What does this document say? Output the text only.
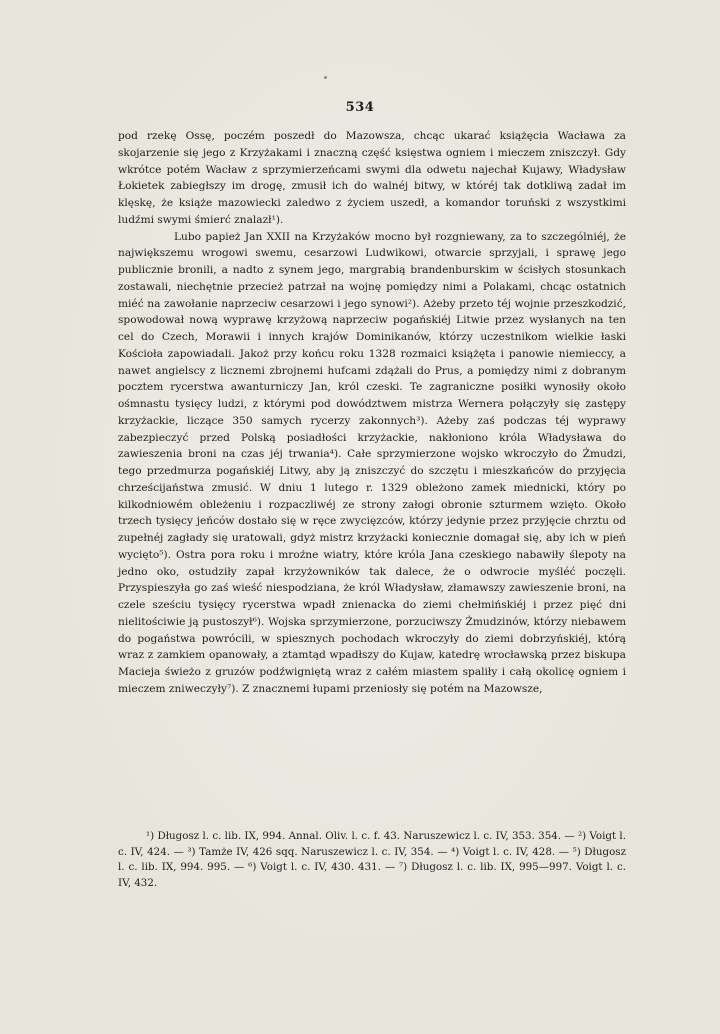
534

pod rzekę Ossę, poczém poszedł do Mazowsza, chcąc ukarać książęcia Wacława za skojarzenie się jego z Krzyżakami i znaczną część księstwa ogniem i mieczem zniszczył. Gdy wkrótce potém Wacław z sprzymierzeńcami swymi dla odwetu najechał Kujawy, Władysław Łokietek zabiegłszy im drogę, zmusił ich do walnéj bitwy, w któréj tak dotkliwą zadał im klęskę, że książe mazowiecki zaledwo z życiem uszedł, a komandor toruński z wszystkimi ludźmi swymi śmierć znalazł¹).

Lubo papież Jan XXII na Krzyżaków mocno był rozgniewany, za to szczególniéj, że największemu wrogowi swemu, cesarzowi Ludwikowi, otwarcie sprzyjali, i sprawę jego publicznie bronili, a nadto z synem jego, margrabią brandenburskim w ścisłych stosunkach zostawali, niechętnie przecież patrzał na wojnę pomiędzy nimi a Polakami, chcąc ostatnich miéć na zawołanie naprzeciw cesarzowi i jego synowi²). Ażeby przeto téj wojnie przeszkodzić, spowodował nową wyprawę krzyżową naprzeciw pogańskiéj Litwie przez wysłanych na ten cel do Czech, Morawii i innych krajów Dominikanów, którzy uczestnikom wielkie łaski Kościoła zapowiadali. Jakoż przy końcu roku 1328 rozmaici książęta i panowie niemieccy, a nawet angielscy z licznemi zbrojnemi hufcami zdążali do Prus, a pomiędzy nimi z dobranym pocztem rycerstwa awanturniczy Jan, król czeski. Te zagraniczne posiłki wynosiły około ośmnastu tysięcy ludzi, z którymi pod dowództwem mistrza Wernera połączyły się zastępy krzyżackie, liczące 350 samych rycerzy zakonnych³). Ażeby zaś podczas téj wyprawy zabezpieczyć przed Polską posiadłości krzyżackie, nakłoniono króla Władysława do zawieszenia broni na czas jéj trwania⁴). Całe sprzymierzone wojsko wkroczyło do Żmudzi, tego przedmurza pogańskiéj Litwy, aby ją zniszczyć do szczętu i mieszkańców do przyjęcia chrześcijaństwa zmusić. W dniu 1 lutego r. 1329 obleżono zamek miednicki, który po kilkodniowém obleżeniu i rozpaczliwéj ze strony załogi obronie szturmem wzięto. Około trzech tysięcy jeńców dostało się w ręce zwycięzców, którzy jedynie przez przyjęcie chrztu od zupełnéj zagłady się uratowali, gdyż mistrz krzyżacki koniecznie domagał się, aby ich w pień wycięto⁵). Ostra pora roku i mroźne wiatry, które króla Jana czeskiego nabawiły ślepoty na jedno oko, ostudziły zapał krzyżowników tak dalece, że o odwrocie myśléć poczęli. Przyspieszyła go zaś wieść niespodziana, że król Władysław, złamawszy zawieszenie broni, na czele sześciu tysięcy rycerstwa wpadł znienacka do ziemi chełmińskiéj i przez pięć dni nielitościwie ją pustoszył⁶). Wojska sprzymierzone, porzuciwszy Żmudzinów, którzy niebawem do pogaństwa powrócili, w spiesznych pochodach wkroczyły do ziemi dobrzyńskiéj, którą wraz z zamkiem opanowały, a ztamtąd wpadłszy do Kujaw, katedrę wrocławską przez biskupa Macieja świeżo z gruzów podźwigniętą wraz z całém miastem spaliły i całą okolicę ogniem i mieczem zniweczyły⁷). Z znacznemi łupami przeniosły się potém na Mazowsze,

¹) Długosz l. c. lib. IX, 994. Annal. Oliv. l. c. f. 43. Naruszewicz l. c. IV, 353. 354. — ²) Voigt l. c. IV, 424. — ³) Tamże IV, 426 sqq. Naruszewicz l. c. IV, 354. — ⁴) Voigt l. c. IV, 428. — ⁵) Długosz l. c. lib. IX, 994. 995. — ⁶) Voigt l. c. IV, 430. 431. — ⁷) Długosz l. c. lib. IX, 995—997. Voigt l. c. IV, 432.
